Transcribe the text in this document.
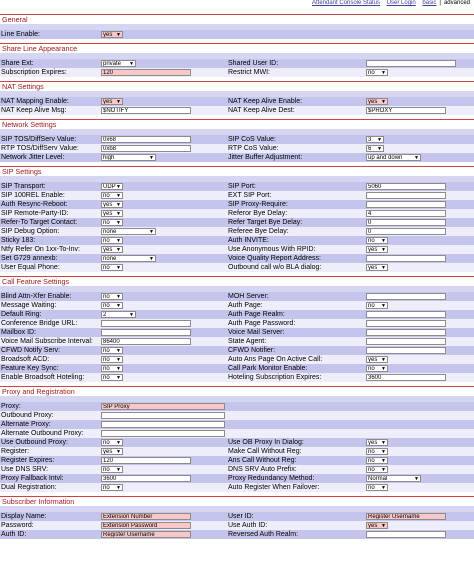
Attendant Console Status User Login basic | advanced
General
Line Enable:	yes ▼
Share Line Appearance
Share Ext:	private ▼	Shared User ID:
Subscription Expires:	120	Restrict MWI:	no ▼
NAT Settings
NAT Mapping Enable:	yes ▼	NAT Keep Alive Enable:	yes ▼
NAT Keep Alive Msg:	$NOTIFY	NAT Keep Alive Dest:	$PROXY
Network Settings
SIP TOS/DiffServ Value:	0x68	SIP CoS Value:	3 ▼
RTP TOS/DiffServ Value:	0xb8	RTP CoS Value:	6 ▼
Network Jitter Level:	high	▼	Jitter Buffer Adjustment:	up and down ▼
SIP Settings
SIP Transport:	UDP ▼	SIP Port:	5060
SIP 100REL Enable:	no ▼	EXT SIP Port:
Auth Resync-Reboot:	yes ▼	SIP Proxy-Require:
SIP Remote-Party-ID:	yes ▼	Referor Bye Delay:	4
Refer-To Target Contact:	no ▼	Refer Target Bye Delay:	0
SIP Debug Option:	none	▼	Referee Bye Delay:	0
Sticky 183:	no ▼	Auth INVITE:	no ▼
Ntfy Refer On 1xx-To-Inv:	yes ▼	Use Anonymous With RPID:	yes ▼
Set G729 annexb:	none	▼	Voice Quality Report Address:
User Equal Phone:	no ▼	Outbound call w/o BLA dialog:	yes ▼
Call Feature Settings
Blind Attn-Xfer Enable:	no ▼	MOH Server:
Message Waiting:	no ▼	Auth Page:	no ▼
Default Ring:	2	▼	Auth Page Realm:
Conference Bridge URL:	Auth Page Password:
Mailbox ID:	Voice Mail Server:
Voice Mail Subscribe Interval:	86400	State Agent:
CFWD Notify Serv:	no ▼	CFWD Notifier:
Broadsoft ACD:	no ▼	Auto Ans Page On Active Call:	yes ▼
Feature Key Sync:	no ▼	Call Park Monitor Enable:	no ▼
Enable Broadsoft Hoteling:	no ▼	Hoteling Subscription Expires:	3600
Proxy and Registration
Proxy:	SIP Proxy
Outbound Proxy:
Alternate Proxy:
Alternate Outbound Proxy:
Use Outbound Proxy:	no ▼	Use OB Proxy In Dialog:	yes ▼
Register:	yes ▼	Make Call Without Reg:	no ▼
Register Expires:	120	Ans Call Without Reg:	no ▼
Use DNS SRV:	no ▼	DNS SRV Auto Prefix:	no ▼
Proxy Fallback Intvl:	3600	Proxy Redundancy Method:	Normal	▼
Dual Registration:	no ▼	Auto Register When Failover:	no ▼
Subscriber Information
Display Name:	Extension Number	User ID:	Register Username
Password:	Extension Password	Use Auth ID:	yes ▼
Auth ID:	Register Username	Reversed Auth Realm:
